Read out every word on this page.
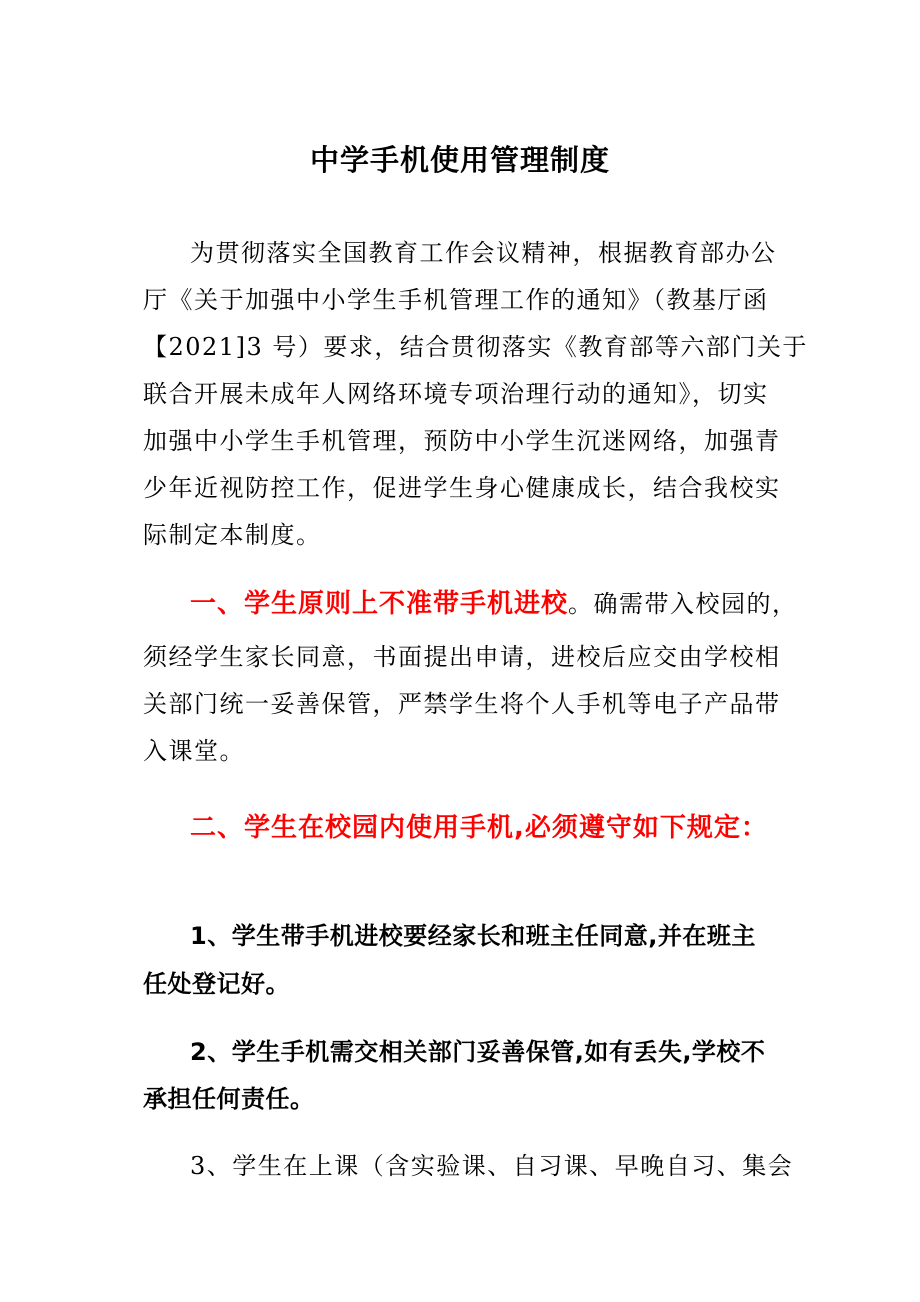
中学手机使用管理制度
为贯彻落实全国教育工作会议精神，根据教育部办公
厅《关于加强中小学生手机管理工作的通知》（教基厅函
【2021]3 号）要求，结合贯彻落实《教育部等六部门关于
联合开展未成年人网络环境专项治理行动的通知》，切实
加强中小学生手机管理，预防中小学生沉迷网络，加强青
少年近视防控工作，促进学生身心健康成长，结合我校实
际制定本制度。
一、学生原则上不准带手机进校。确需带入校园的，
须经学生家长同意，书面提出申请，进校后应交由学校相
关部门统一妥善保管，严禁学生将个人手机等电子产品带
入课堂。
二、学生在校园内使用手机,必须遵守如下规定：
1、学生带手机进校要经家长和班主任同意,并在班主
任处登记好。
2、学生手机需交相关部门妥善保管,如有丢失,学校不
承担任何责任。
3、学生在上课（含实验课、自习课、早晚自习、集会
